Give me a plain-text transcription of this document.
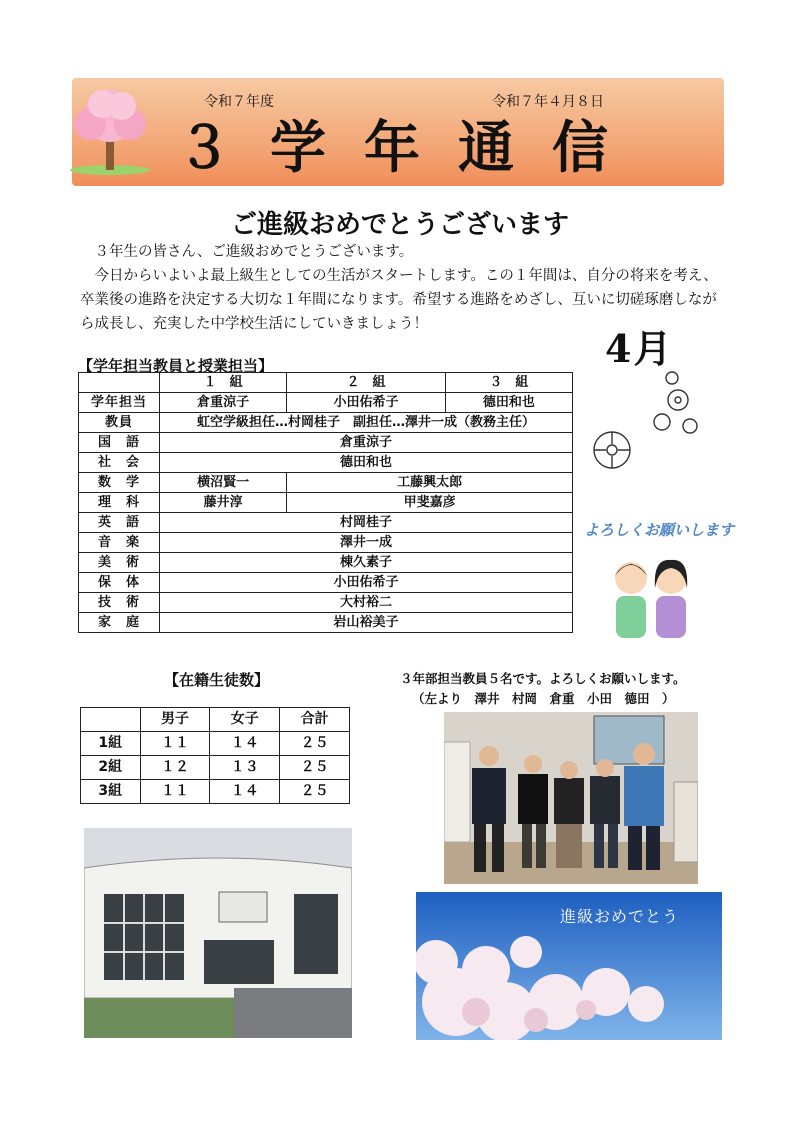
令和７年度	令和７年４月８日
３学年通信
ご進級おめでとうございます

　３年生の皆さん、ご進級おめでとうございます。

　今日からいよいよ最上級生としての生活がスタートします。この１年間は、自分の将来を考え、卒業後の進路を決定する大切な１年間になります。希望する進路をめざし、互いに切磋琢磨しながら成長し、充実した中学校生活にしていきましょう！

4月
【学年担当教員と授業担当】
	１　組	２　組	３　組
学年担当	倉重涼子	小田佑希子	德田和也
教員	虹空学級担任…村岡桂子　副担任…澤井一成（教務主任）		
国　語	倉重涼子		
社　会	德田和也		
数　学	横沼賢一	工藤興太郎	
理　科	藤井淳	甲斐嘉彦	
英　語	村岡桂子		
音　楽	澤井一成		
美　術	棟久素子		
保　体	小田佑希子		
技　術	大村裕二		
家　庭	岩山裕美子		
よろしくお願いします
【在籍生徒数】
	男子	女子	合計
1組	１１	１４	２５
2組	１２	１３	２５
3組	１１	１４	２５
３年部担当教員５名です。よろしくお願いします。
（左より　澤井　村岡　倉重　小田　德田　）
進級おめでとう
